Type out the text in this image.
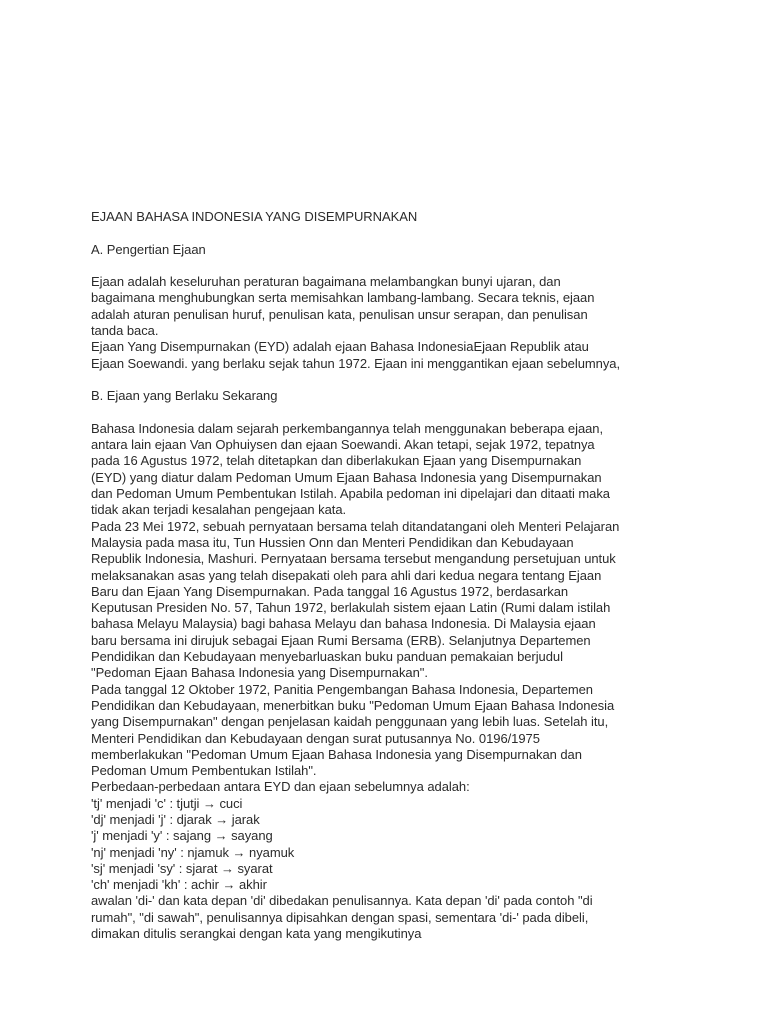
EJAAN BAHASA INDONESIA YANG DISEMPURNAKAN
A. Pengertian Ejaan
Ejaan adalah keseluruhan peraturan bagaimana melambangkan bunyi ujaran, dan
bagaimana menghubungkan serta memisahkan lambang-lambang. Secara teknis, ejaan
adalah aturan penulisan huruf, penulisan kata, penulisan unsur serapan, dan penulisan
tanda baca.
Ejaan Yang Disempurnakan (EYD) adalah ejaan Bahasa IndonesiaEjaan Republik atau
Ejaan Soewandi. yang berlaku sejak tahun 1972. Ejaan ini menggantikan ejaan sebelumnya,
B. Ejaan yang Berlaku Sekarang
Bahasa Indonesia dalam sejarah perkembangannya telah menggunakan beberapa ejaan,
antara lain ejaan Van Ophuiysen dan ejaan Soewandi. Akan tetapi, sejak 1972, tepatnya
pada 16 Agustus 1972, telah ditetapkan dan diberlakukan Ejaan yang Disempurnakan
(EYD) yang diatur dalam Pedoman Umum Ejaan Bahasa Indonesia yang Disempurnakan
dan Pedoman Umum Pembentukan Istilah. Apabila pedoman ini dipelajari dan ditaati maka
tidak akan terjadi kesalahan pengejaan kata.
Pada 23 Mei 1972, sebuah pernyataan bersama telah ditandatangani oleh Menteri Pelajaran
Malaysia pada masa itu, Tun Hussien Onn dan Menteri Pendidikan dan Kebudayaan
Republik Indonesia, Mashuri. Pernyataan bersama tersebut mengandung persetujuan untuk
melaksanakan asas yang telah disepakati oleh para ahli dari kedua negara tentang Ejaan
Baru dan Ejaan Yang Disempurnakan. Pada tanggal 16 Agustus 1972, berdasarkan
Keputusan Presiden No. 57, Tahun 1972, berlakulah sistem ejaan Latin (Rumi dalam istilah
bahasa Melayu Malaysia) bagi bahasa Melayu dan bahasa Indonesia. Di Malaysia ejaan
baru bersama ini dirujuk sebagai Ejaan Rumi Bersama (ERB). Selanjutnya Departemen
Pendidikan dan Kebudayaan menyebarluaskan buku panduan pemakaian berjudul
"Pedoman Ejaan Bahasa Indonesia yang Disempurnakan".
Pada tanggal 12 Oktober 1972, Panitia Pengembangan Bahasa Indonesia, Departemen
Pendidikan dan Kebudayaan, menerbitkan buku "Pedoman Umum Ejaan Bahasa Indonesia
yang Disempurnakan" dengan penjelasan kaidah penggunaan yang lebih luas. Setelah itu,
Menteri Pendidikan dan Kebudayaan dengan surat putusannya No. 0196/1975
memberlakukan "Pedoman Umum Ejaan Bahasa Indonesia yang Disempurnakan dan
Pedoman Umum Pembentukan Istilah".
Perbedaan-perbedaan antara EYD dan ejaan sebelumnya adalah:
'tj' menjadi 'c' : tjutji → cuci
'dj' menjadi 'j' : djarak → jarak
'j' menjadi 'y' : sajang → sayang
'nj' menjadi 'ny' : njamuk → nyamuk
'sj' menjadi 'sy' : sjarat → syarat
'ch' menjadi 'kh' : achir → akhir
awalan 'di-' dan kata depan 'di' dibedakan penulisannya. Kata depan 'di' pada contoh "di
rumah", "di sawah", penulisannya dipisahkan dengan spasi, sementara 'di-' pada dibeli,
dimakan ditulis serangkai dengan kata yang mengikutinya
